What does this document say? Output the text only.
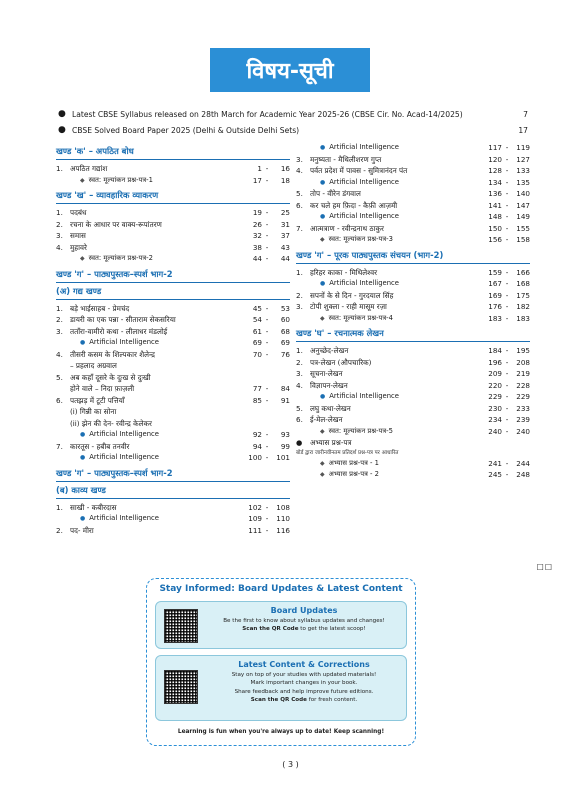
विषय-सूची
● Latest CBSE Syllabus released on 28th March for Academic Year 2025-26 (CBSE Cir. No. Acad-14/2025)	7
● CBSE Solved Board Paper 2025 (Delhi & Outside Delhi Sets)	17
खण्ड 'क' – अपठित बोध
1. अपठित गद्यांश	1 -	16
◆ स्वत: मूल्यांकन प्रश्न-पत्र-1	17 -	18
खण्ड 'ख' – व्यावहारिक व्याकरण
1. पदबंध	19 -	25
2. रचना के आधार पर वाक्य-रूपांतरण	26 -	31
3. समास	32 -	37
4. मुहावरे	38 -	43
◆ स्वत: मूल्यांकन प्रश्न-पत्र-2	44 -	44
खण्ड 'ग' – पाठ्यपुस्तक–स्पर्श भाग-2
(अ) गद्य खण्ड
1. बड़े भाईसाहब - प्रेमचंद	45 -	53
2. डायरी का एक पन्ना - सीताराम सेकसरिया	54 -	60
3. तताँरा-वामीरो कथा - लीलाधर मंडलोई	61 -	68
● Artificial Intelligence	69 -	69
4. तीसरी कसम के शिल्पकार शैलेन्द्र	70 -	76
– प्रहलाद अग्रवाल
5. अब कहाँ दूसरे के दुःख से दुःखी
होने वाले – निदा फ़ाज़ली	77 -	84
6. पतझड़ में टूटी पत्तियाँ	85 -	91
(i) गिन्नी का सोना
(ii) झेन की देन- रवीन्द्र केलेकर
● Artificial Intelligence	92 -	93
7. कारतूस - हबीब तनवीर	94 -	99
● Artificial Intelligence	100 -	101
खण्ड 'ग' – पाठ्यपुस्तक–स्पर्श भाग-2
(ब) काव्य खण्ड
1. साखी - कबीरदास	102 -	108
● Artificial Intelligence	109 -	110
2. पद- मीरा	111 -	116
● Artificial Intelligence	117 -	119
3. मनुष्यता - मैथिलीशरण गुप्त	120 -	127
4. पर्वत प्रदेश में पावस - सुमित्रानंदन पंत	128 -	133
● Artificial Intelligence	134 -	135
5. तोप - वीरेन डंगवाल	136 -	140
6. कर चले हम फ़िदा - कैफ़ी आज़मी	141 -	147
● Artificial Intelligence	148 -	149
7. आत्मत्राण - रवीन्द्रनाथ ठाकुर	150 -	155
◆ स्वत: मूल्यांकन प्रश्न-पत्र-3	156 -	158
खण्ड 'ग' – पूरक पाठ्यपुस्तक संचयन (भाग-2)
1. हरिहर काका - मिथिलेश्वर	159 -	166
● Artificial Intelligence	167 -	168
2. सपनों के से दिन - गुरदयाल सिंह	169 -	175
3. टोपी शुक्ला - राही मासूम रज़ा	176 -	182
◆ स्वत: मूल्यांकन प्रश्न-पत्र-4	183 -	183
खण्ड 'घ' – रचनात्मक लेखन
1. अनुच्छेद-लेखन	184 -	195
2. पत्र-लेखन (औपचारिक)	196 -	208
3. सूचना-लेखन	209 -	219
4. विज्ञापन-लेखन	220 -	228
● Artificial Intelligence	229 -	229
5. लघु कथा-लेखन	230 -	233
6. ई-मेल-लेखन	234 -	239
◆ स्वत: मूल्यांकन प्रश्न-पत्र-5	240 -	240
●	अभ्यास प्रश्न-पत्र
बोर्ड द्वारा जारीनवीनतम प्रतिदर्श प्रश्न-पत्र पर आधारित
◆ अभ्यास प्रश्न-पत्र - 1	241 -	244
◆ अभ्यास प्रश्न-पत्र - 2	245 -	248
☐☐
Stay Informed: Board Updates & Latest Content
Board Updates
Be the first to know about syllabus updates and changes!
Scan the QR Code to get the latest scoop!
Latest Content & Corrections
Stay on top of your studies with updated materials!
Mark important changes in your book.
Share feedback and help improve future editions.
Scan the QR Code for fresh content.
Learning is fun when you're always up to date! Keep scanning!
( 3 )
